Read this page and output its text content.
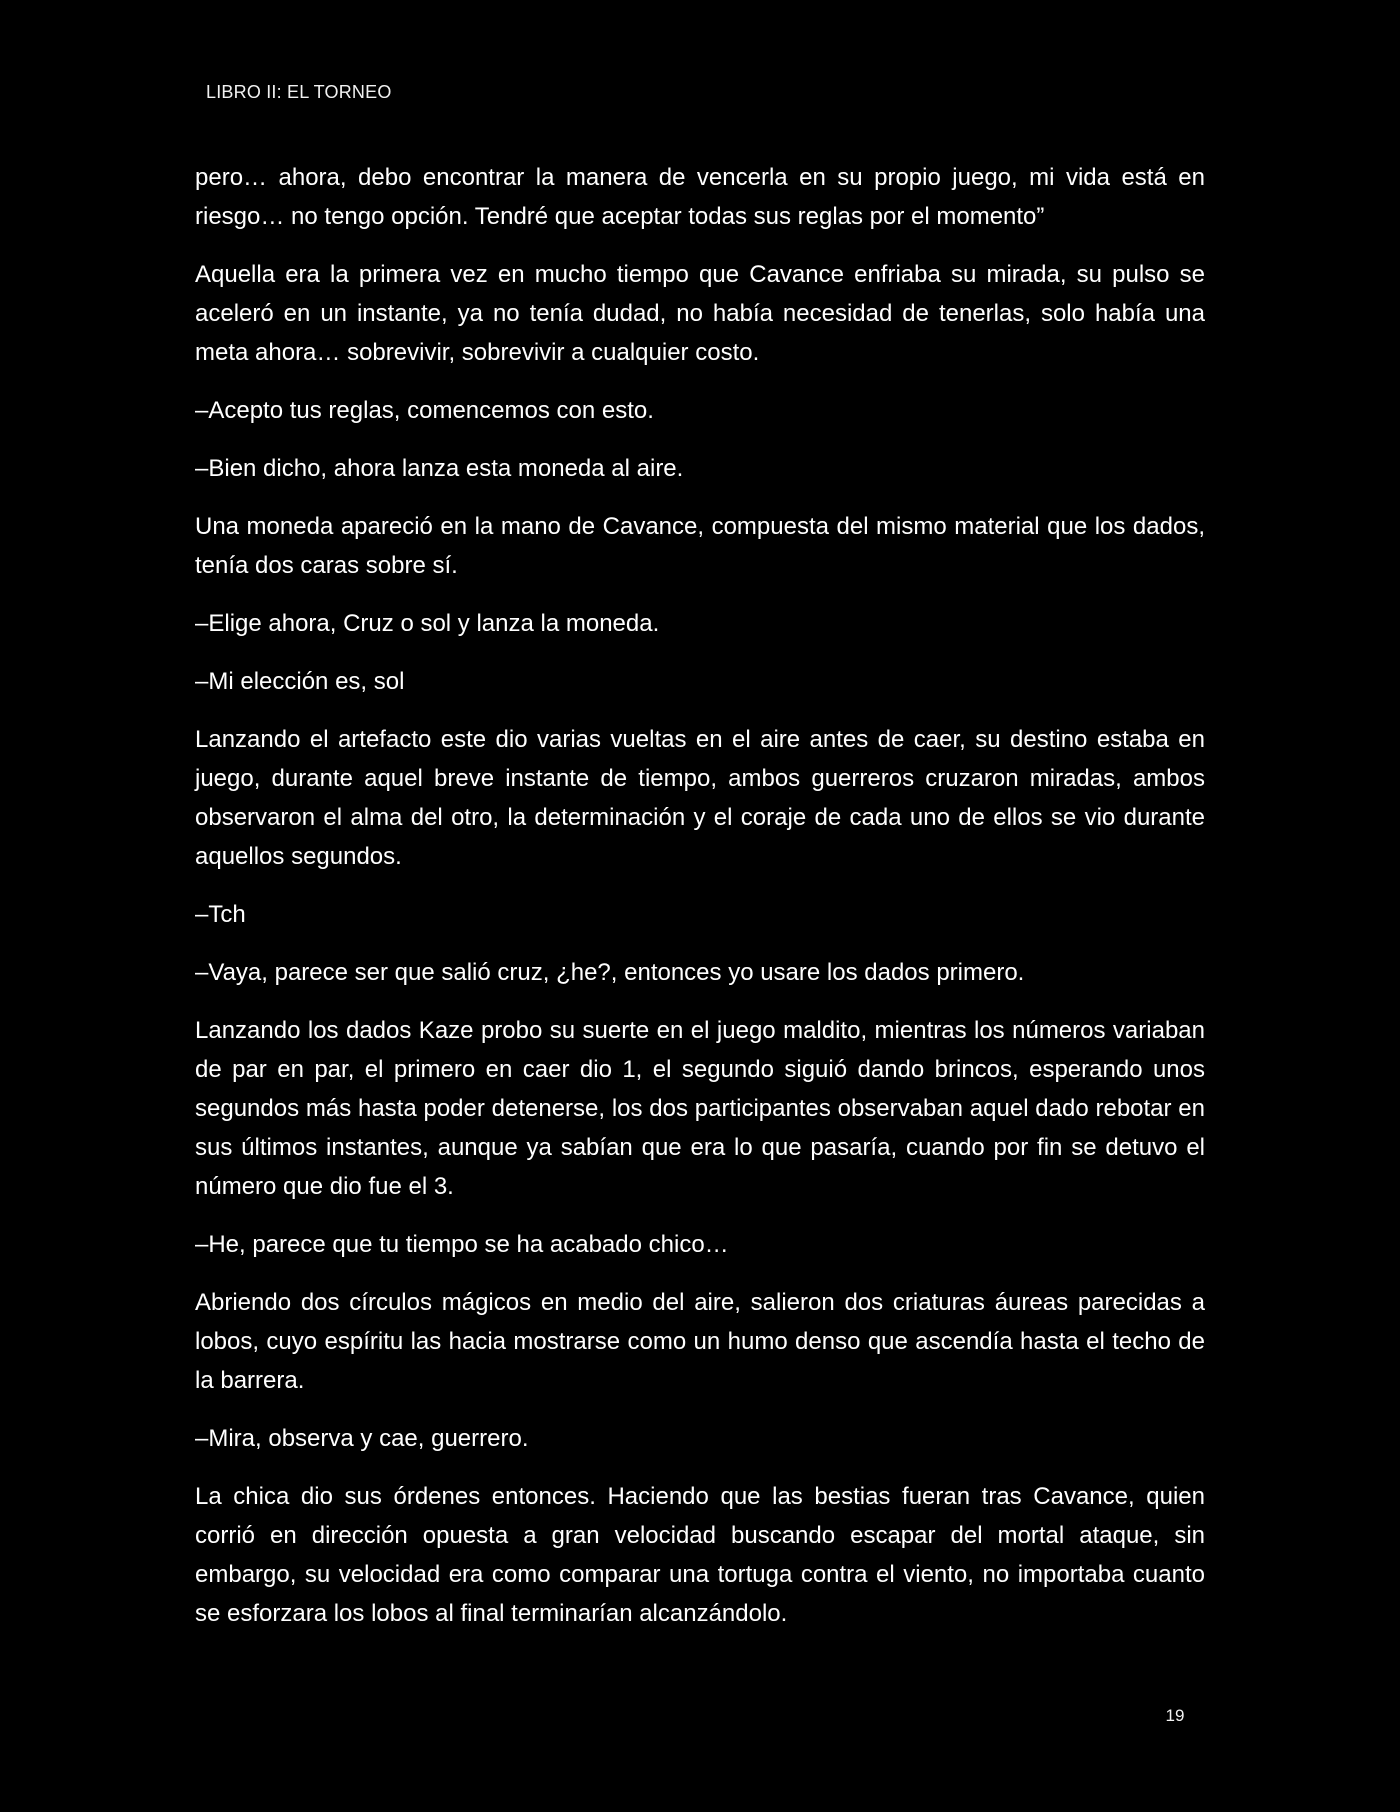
LIBRO II: EL TORNEO

pero… ahora, debo encontrar la manera de vencerla en su propio juego, mi vida está en riesgo… no tengo opción. Tendré que aceptar todas sus reglas por el momento”

Aquella era la primera vez en mucho tiempo que Cavance enfriaba su mirada, su pulso se aceleró en un instante, ya no tenía dudad, no había necesidad de tenerlas, solo había una meta ahora… sobrevivir, sobrevivir a cualquier costo.

–Acepto tus reglas, comencemos con esto.

–Bien dicho, ahora lanza esta moneda al aire.

Una moneda apareció en la mano de Cavance, compuesta del mismo material que los dados, tenía dos caras sobre sí.

–Elige ahora, Cruz o sol y lanza la moneda.

–Mi elección es, sol

Lanzando el artefacto este dio varias vueltas en el aire antes de caer, su destino estaba en juego, durante aquel breve instante de tiempo, ambos guerreros cruzaron miradas, ambos observaron el alma del otro, la determinación y el coraje de cada uno de ellos se vio durante aquellos segundos.

–Tch

–Vaya, parece ser que salió cruz, ¿he?, entonces yo usare los dados primero.

Lanzando los dados Kaze probo su suerte en el juego maldito, mientras los números variaban de par en par, el primero en caer dio 1, el segundo siguió dando brincos, esperando unos segundos más hasta poder detenerse, los dos participantes observaban aquel dado rebotar en sus últimos instantes, aunque ya sabían que era lo que pasaría, cuando por fin se detuvo el número que dio fue el 3.

–He, parece que tu tiempo se ha acabado chico…

Abriendo dos círculos mágicos en medio del aire, salieron dos criaturas áureas parecidas a lobos, cuyo espíritu las hacia mostrarse como un humo denso que ascendía hasta el techo de la barrera.

–Mira, observa y cae, guerrero.

La chica dio sus órdenes entonces. Haciendo que las bestias fueran tras Cavance, quien corrió en dirección opuesta a gran velocidad buscando escapar del mortal ataque, sin embargo, su velocidad era como comparar una tortuga contra el viento, no importaba cuanto se esforzara los lobos al final terminarían alcanzándolo.

19
